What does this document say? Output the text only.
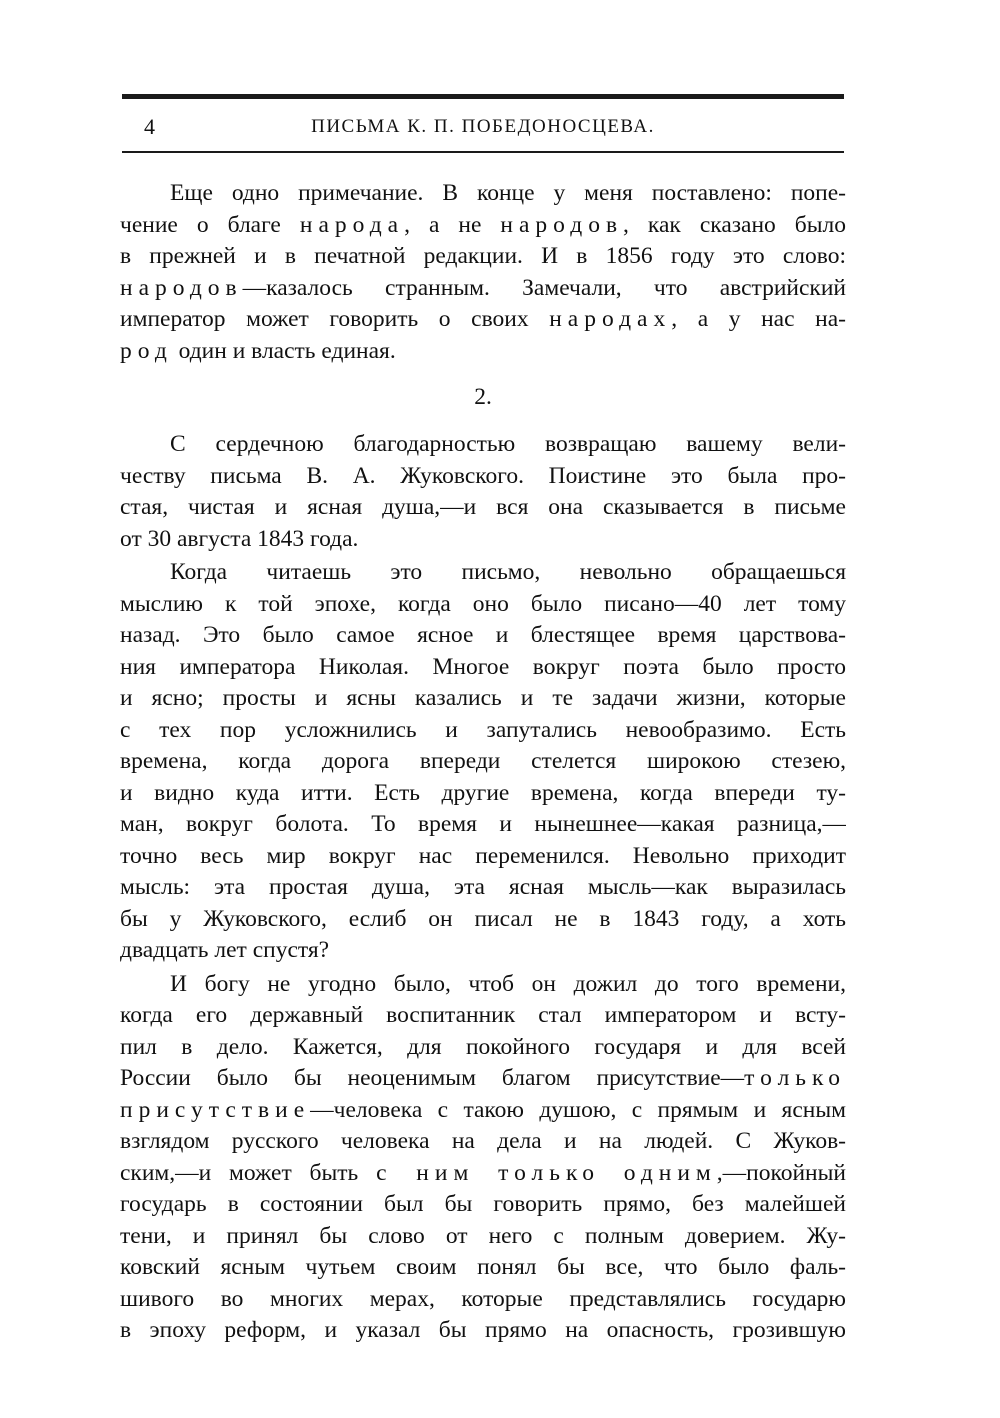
4	ПИСЬМА К. П. ПОБЕДОНОСЦЕВА.
Еще одно примечание. В конце у меня поставлено: попе-
чение о благе народа, а не народов, как сказано было
в прежней и в печатной редакции. И в 1856 году это слово:
народов—казалось странным. Замечали, что австрийский
император может говорить о своих народах, а у нас на-
род один и власть единая.
2.
С сердечною благодарностью возвращаю вашему вели-
честву письма В. А. Жуковского. Поистине это была про-
стая, чистая и ясная душа,—и вся она сказывается в письме
от 30 августа 1843 года.
Когда читаешь это письмо, невольно обращаешься
мыслию к той эпохе, когда оно было писано—40 лет тому
назад. Это было самое ясное и блестящее время царствова-
ния императора Николая. Многое вокруг поэта было просто
и ясно; просты и ясны казались и те задачи жизни, которые
с тех пор усложнились и запутались невообразимо. Есть
времена, когда дорога впереди стелется широкою стезею,
и видно куда итти. Есть другие времена, когда впереди ту-
ман, вокруг болота. То время и нынешнее—какая разница,—
точно весь мир вокруг нас переменился. Невольно приходит
мысль: эта простая душа, эта ясная мысль—как выразилась
бы у Жуковского, еслиб он писал не в 1843 году, а хоть
двадцать лет спустя?
И богу не угодно было, чтоб он дожил до того времени,
когда его державный воспитанник стал императором и всту-
пил в дело. Кажется, для покойного государя и для всей
России было бы неоценимым благом присутствие—только
присутствие—человека с такою душою, с прямым и ясным
взглядом русского человека на дела и на людей. С Жуков-
ским,—и может быть с ним только одним,—покойный
государь в состоянии был бы говорить прямо, без малейшей
тени, и принял бы слово от него с полным доверием. Жу-
ковский ясным чутьем своим понял бы все, что было фаль-
шивого во многих мерах, которые представлялись государю
в эпоху реформ, и указал бы прямо на опасность, грозившую
